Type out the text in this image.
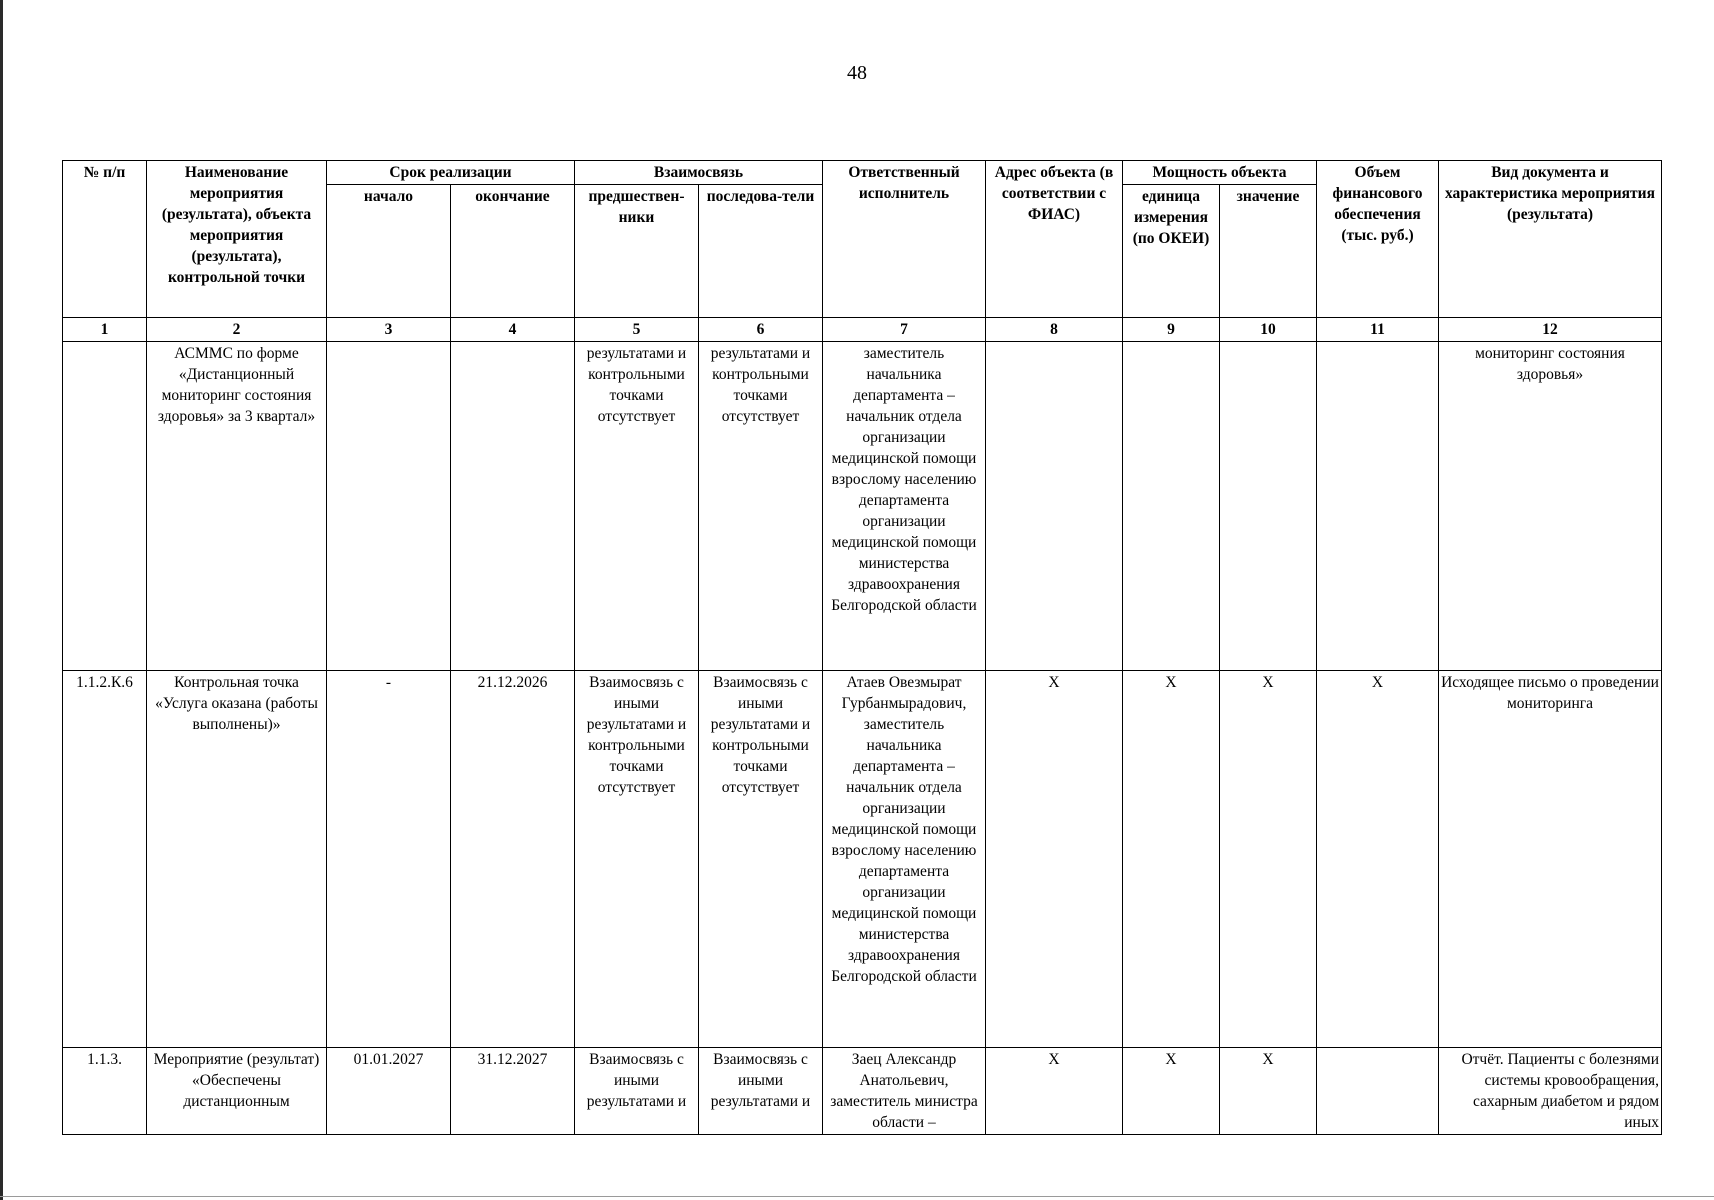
48
№ п/п	Наименование мероприятия (результата), объекта мероприятия (результата), контрольной точки	Срок реализации		Взаимосвязь		Ответственный исполнитель	Адрес объекта (в соответствии с ФИАС)	Мощность объекта		Объем финансового обеспечения (тыс. руб.)	Вид документа и характеристика мероприятия (результата)
		начало	окончание	предшествен-ники	последова-тели			единица измерения (по ОКЕИ)	значение		
1	2	3	4	5	6	7	8	9	10	11	12
	АСММС по форме «Дистанционный мониторинг состояния здоровья» за 3 квартал»			результатами и контрольными точками отсутствует	результатами и контрольными точками отсутствует	заместитель начальника департамента – начальник отдела организации медицинской помощи взрослому населению департамента организации медицинской помощи министерства здравоохранения Белгородской области					мониторинг состояния здоровья»
1.1.2.К.6	Контрольная точка «Услуга оказана (работы выполнены)»	-	21.12.2026	Взаимосвязь с иными результатами и контрольными точками отсутствует	Взаимосвязь с иными результатами и контрольными точками отсутствует	Атаев Овезмырат Гурбанмырадович, заместитель начальника департамента – начальник отдела организации медицинской помощи взрослому населению департамента организации медицинской помощи министерства здравоохранения Белгородской области	X	X	X	X	Исходящее письмо о проведении мониторинга
1.1.3.	Мероприятие (результат) «Обеспечены дистанционным	01.01.2027	31.12.2027	Взаимосвязь с иными результатами и	Взаимосвязь с иными результатами и	Заец Александр Анатольевич, заместитель министра области –	X	X	X		Отчёт. Пациенты с болезнями системы кровообращения, сахарным диабетом и рядом иных
